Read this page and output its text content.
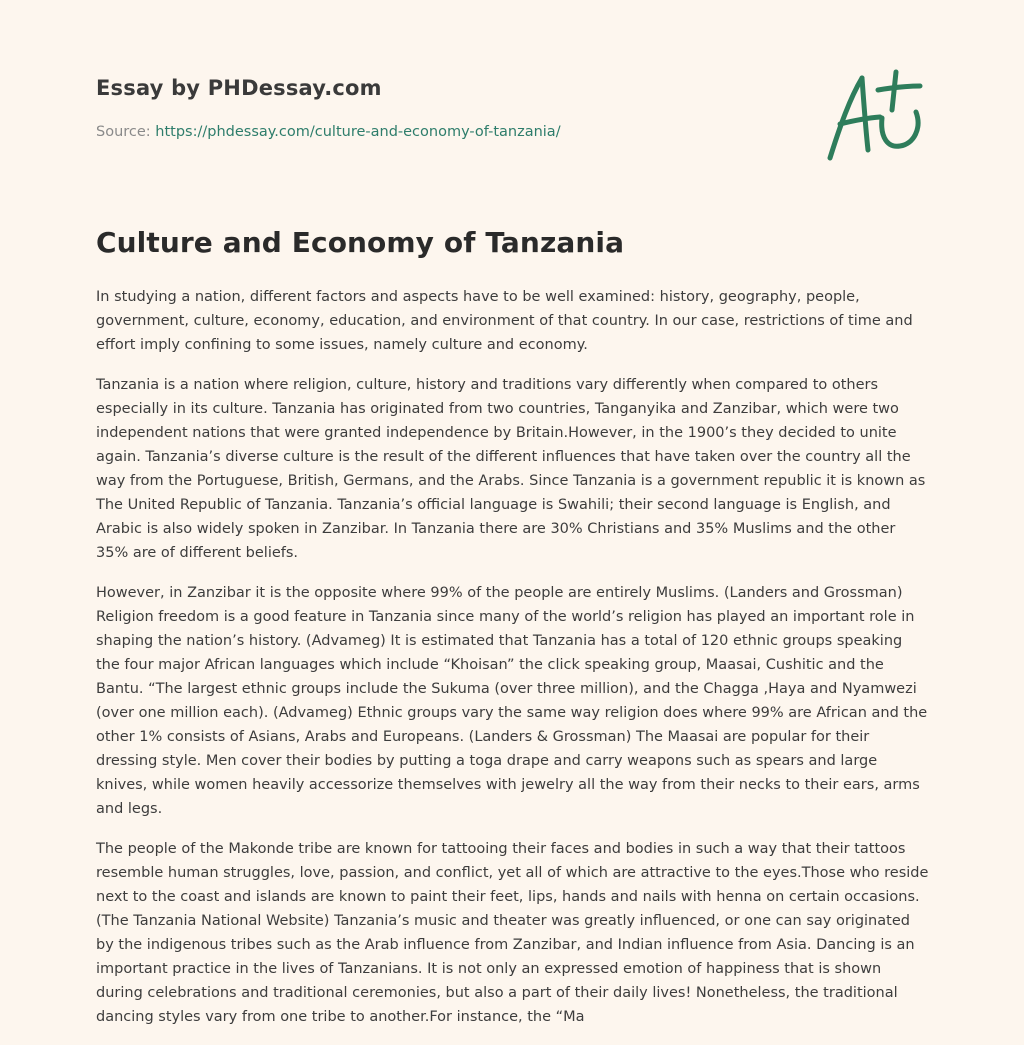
Essay by PHDessay.com
Source: https://phdessay.com/culture-and-economy-of-tanzania/
Culture and Economy of Tanzania

In studying a nation, different factors and aspects have to be well examined: history, geography, people, government, culture, economy, education, and environment of that country. In our case, restrictions of time and effort imply confining to some issues, namely culture and economy.

Tanzania is a nation where religion, culture, history and traditions vary differently when compared to others especially in its culture. Tanzania has originated from two countries, Tanganyika and Zanzibar, which were two independent nations that were granted independence by Britain.However, in the 1900’s they decided to unite again. Tanzania’s diverse culture is the result of the different influences that have taken over the country all the way from the Portuguese, British, Germans, and the Arabs. Since Tanzania is a government republic it is known as The United Republic of Tanzania. Tanzania’s official language is Swahili; their second language is English, and Arabic is also widely spoken in Zanzibar. In Tanzania there are 30% Christians and 35% Muslims and the other 35% are of different beliefs.

However, in Zanzibar it is the opposite where 99% of the people are entirely Muslims. (Landers and Grossman) Religion freedom is a good feature in Tanzania since many of the world’s religion has played an important role in shaping the nation’s history. (Advameg) It is estimated that Tanzania has a total of 120 ethnic groups speaking the four major African languages which include “Khoisan” the click speaking group, Maasai, Cushitic and the Bantu. “The largest ethnic groups include the Sukuma (over three million), and the Chagga ,Haya and Nyamwezi (over one million each). (Advameg) Ethnic groups vary the same way religion does where 99% are African and the other 1% consists of Asians, Arabs and Europeans. (Landers & Grossman) The Maasai are popular for their dressing style. Men cover their bodies by putting a toga drape and carry weapons such as spears and large knives, while women heavily accessorize themselves with jewelry all the way from their necks to their ears, arms and legs.

The people of the Makonde tribe are known for tattooing their faces and bodies in such a way that their tattoos resemble human struggles, love, passion, and conflict, yet all of which are attractive to the eyes.Those who reside next to the coast and islands are known to paint their feet, lips, hands and nails with henna on certain occasions. (The Tanzania National Website) Tanzania’s music and theater was greatly influenced, or one can say originated by the indigenous tribes such as the Arab influence from Zanzibar, and Indian influence from Asia. Dancing is an important practice in the lives of Tanzanians. It is not only an expressed emotion of happiness that is shown during celebrations and traditional ceremonies, but also a part of their daily lives! Nonetheless, the traditional dancing styles vary from one tribe to another.For instance, the “Ma
